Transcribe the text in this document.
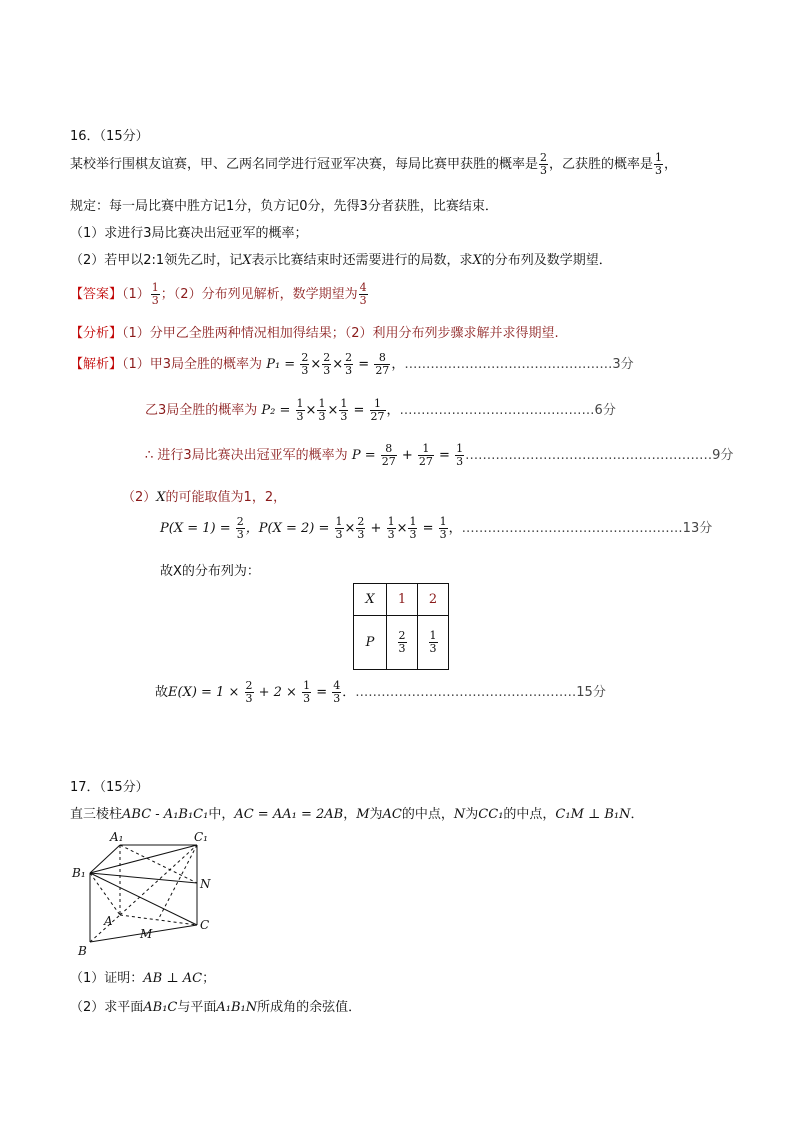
16．（15分）
某校举行围棋友谊赛，甲、乙两名同学进行冠亚军决赛，每局比赛甲获胜的概率是 $\frac{2}{3}$ ，乙获胜的概率是 $\frac{1}{3}$ ，
规定：每一局比赛中胜方记1分，负方记0分，先得3分者获胜，比赛结束．
（1）求进行3局比赛决出冠亚军的概率；
（2）若甲以2:1领先乙时，记X表示比赛结束时还需要进行的局数，求X的分布列及数学期望．
【答案】$(1) \frac{1}{3}$ ；（2）分布列见解析，数学期望为 $\frac{4}{3}$
【分析】（1）分甲乙全胜两种情况相加得结果；（2）利用分布列步骤求解并求得期望.
【解析】（1）甲3局全胜的概率为 $P_1 = \frac{2}{3} \times \frac{2}{3} \times \frac{2}{3} = \frac{8}{27}$ ，…………………………………………3分
乙3局全胜的概率为 $P_2 = \frac{1}{3} \times \frac{1}{3} \times \frac{1}{3} = \frac{1}{27}$ ，………………………………………6分
∴ 进行3局比赛决出冠亚军的概率为 $P = \frac{8}{27} + \frac{1}{27} = \frac{1}{3}$ …………………………………………………9分
（2）X的可能取值为1，2，
$P(X = 1) = \frac{2}{3}$ ，$P(X = 2) = \frac{1}{3} \times \frac{2}{3} + \frac{1}{3} \times \frac{1}{3} = \frac{1}{3}$ ，……………………………………………13分
故X的分布列为：
X	1	2
P	$\frac{2}{3}$	$\frac{1}{3}$
故$E(X) = 1 \times \frac{2}{3} + 2 \times \frac{1}{3} = \frac{4}{3}$ ．……………………………………………15分
17．（15分）
直三棱柱ABC - A₁B₁C₁中，AC = AA₁ = 2AB，M为AC的中点，N为CC₁的中点，C₁M ⊥ B₁N．
A₁	C₁
B₁
N
A
M
C
B
（1）证明：AB ⊥ AC；
（2）求平面AB₁C与平面A₁B₁N所成角的余弦值．
